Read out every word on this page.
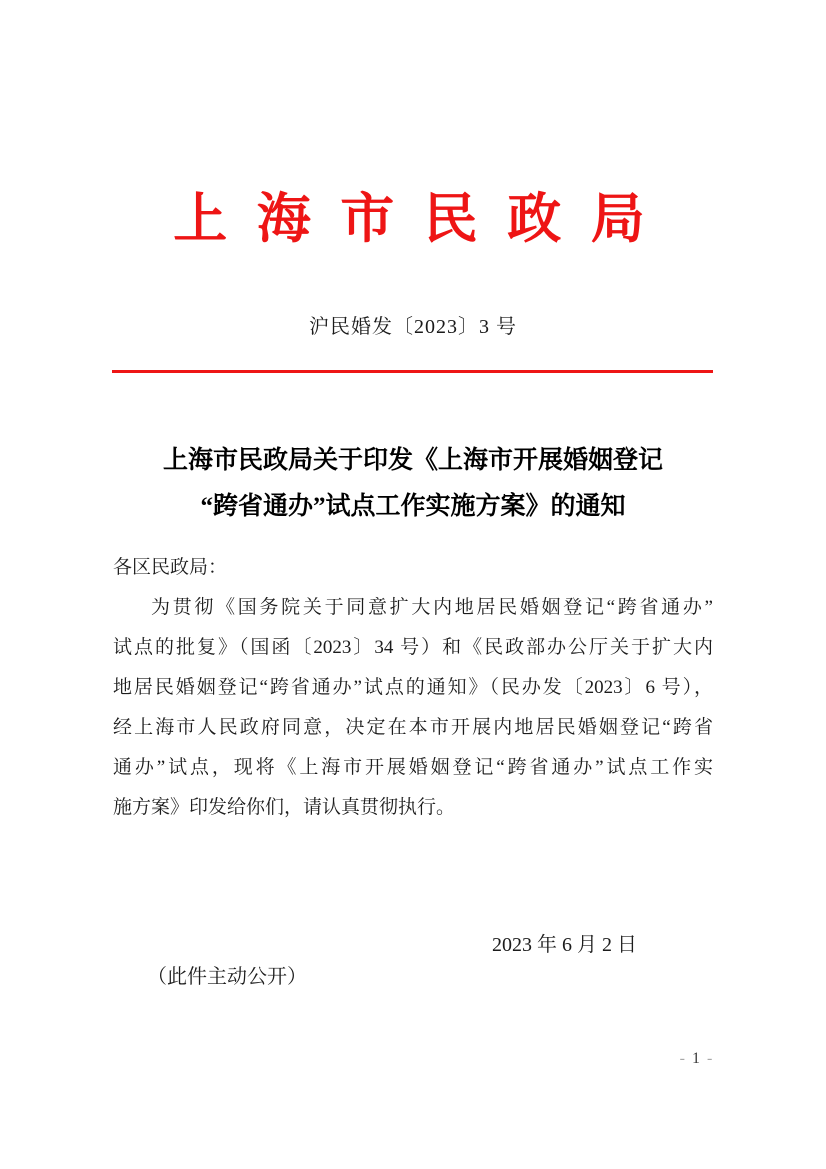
上 海 市 民 政 局
沪民婚发〔2023〕3 号
上海市民政局关于印发《上海市开展婚姻登记
“跨省通办”试点工作实施方案》的通知
各区民政局：
为贯彻《国务院关于同意扩大内地居民婚姻登记“跨省通办”
试点的批复》（国函〔2023〕34 号）和《民政部办公厅关于扩大内
地居民婚姻登记“跨省通办”试点的通知》（民办发〔2023〕6 号），
经上海市人民政府同意，决定在本市开展内地居民婚姻登记“跨省
通办”试点，现将《上海市开展婚姻登记“跨省通办”试点工作实
施方案》印发给你们，请认真贯彻执行。
2023 年 6 月 2 日
（此件主动公开）
- 1 -
